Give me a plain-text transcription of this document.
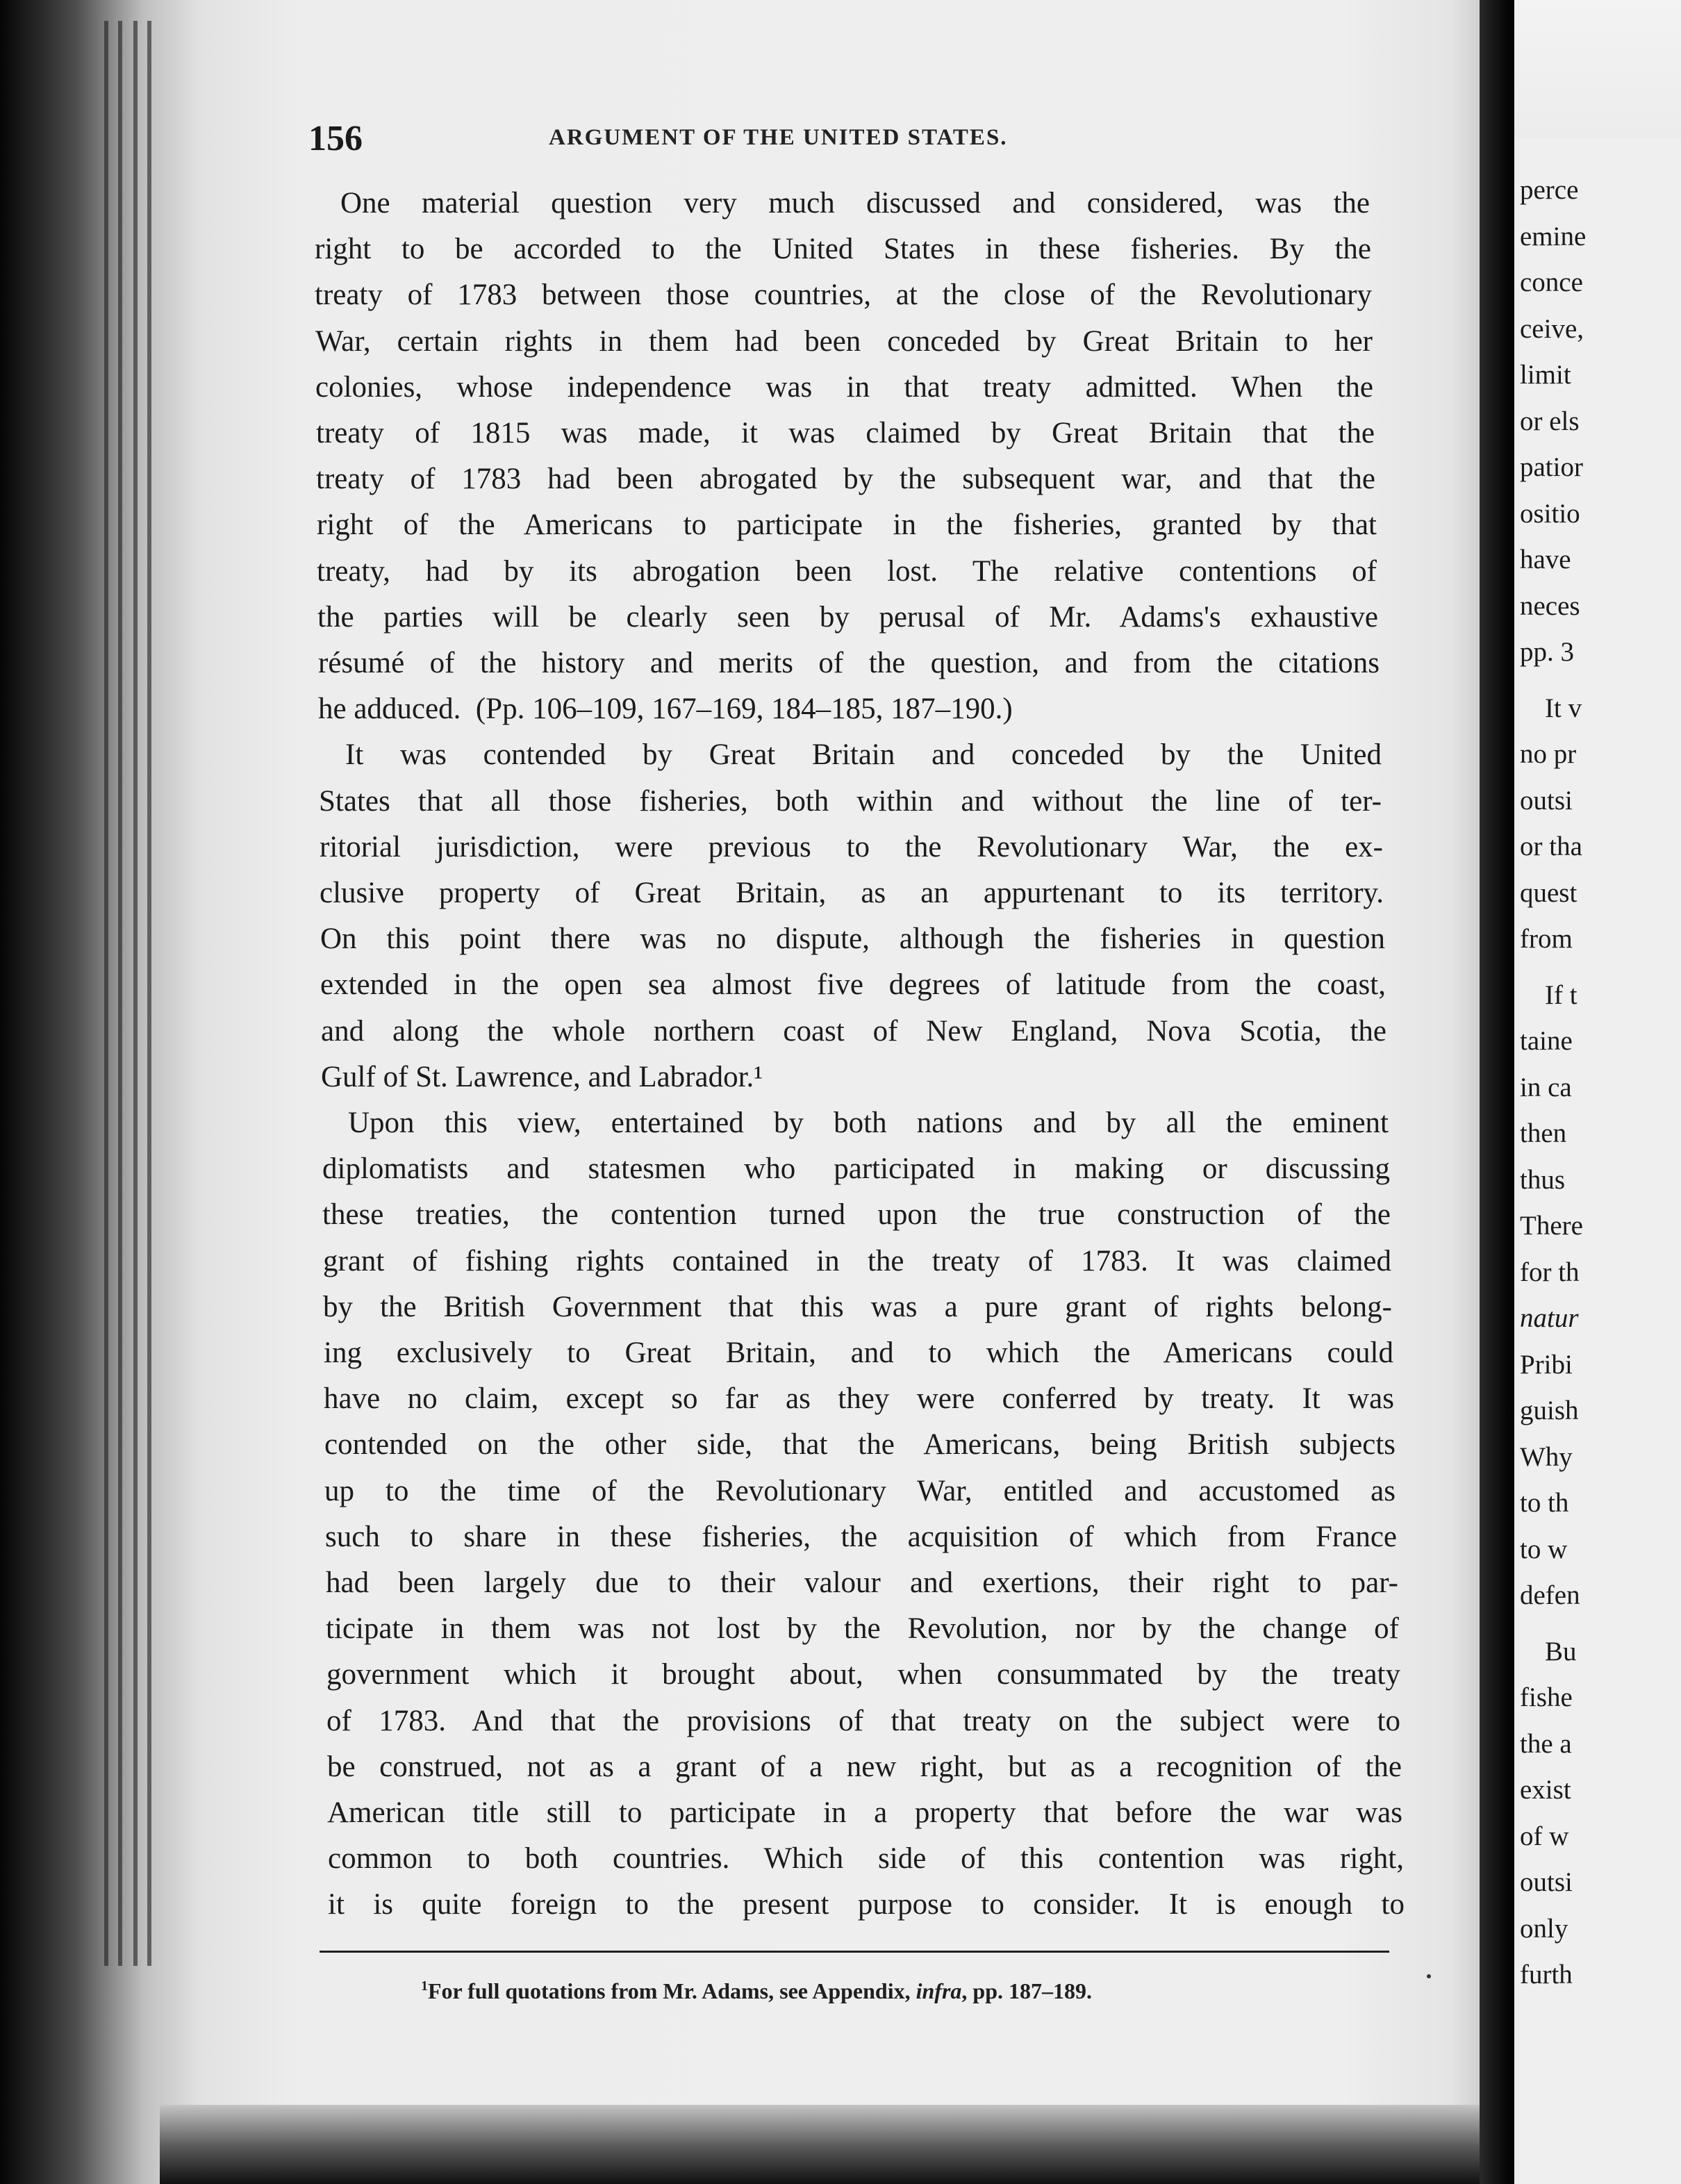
156	ARGUMENT OF THE UNITED STATES.
One material question very much discussed and considered, was the
right to be accorded to the United States in these fisheries. By the
treaty of 1783 between those countries, at the close of the Revolutionary
War, certain rights in them had been conceded by Great Britain to her
colonies, whose independence was in that treaty admitted. When the
treaty of 1815 was made, it was claimed by Great Britain that the
treaty of 1783 had been abrogated by the subsequent war, and that the
right of the Americans to participate in the fisheries, granted by that
treaty, had by its abrogation been lost. The relative contentions of
the parties will be clearly seen by perusal of Mr. Adams's exhaustive
résumé of the history and merits of the question, and from the citations
he adduced.  (Pp. 106–109, 167–169, 184–185, 187–190.)
It was contended by Great Britain and conceded by the United
States that all those fisheries, both within and without the line of ter-
ritorial jurisdiction, were previous to the Revolutionary War, the ex-
clusive property of Great Britain, as an appurtenant to its territory.
On this point there was no dispute, although the fisheries in question
extended in the open sea almost five degrees of latitude from the coast,
and along the whole northern coast of New England, Nova Scotia, the
Gulf of St. Lawrence, and Labrador.¹
Upon this view, entertained by both nations and by all the eminent
diplomatists and statesmen who participated in making or discussing
these treaties, the contention turned upon the true construction of the
grant of fishing rights contained in the treaty of 1783. It was claimed
by the British Government that this was a pure grant of rights belong-
ing exclusively to Great Britain, and to which the Americans could
have no claim, except so far as they were conferred by treaty. It was
contended on the other side, that the Americans, being British subjects
up to the time of the Revolutionary War, entitled and accustomed as
such to share in these fisheries, the acquisition of which from France
had been largely due to their valour and exertions, their right to par-
ticipate in them was not lost by the Revolution, nor by the change of
government which it brought about, when consummated by the treaty
of 1783. And that the provisions of that treaty on the subject were to
be construed, not as a grant of a new right, but as a recognition of the
American title still to participate in a property that before the war was
common to both countries. Which side of this contention was right,
it is quite foreign to the present purpose to consider. It is enough to
$^1$For full quotations from Mr. Adams, see Appendix, infra, pp. 187–189.
perce
emine
conce
ceive,
limit
or els
patior
ositio
have
neces
pp. 3
It v
no pr
outsi
or tha
quest
from
If t
taine
in ca
then
thus
There
for th
natur
Pribi
guish
Why
to th
to w
defen
Bu
fishe
the a
exist
of w
outsi
only
furth
